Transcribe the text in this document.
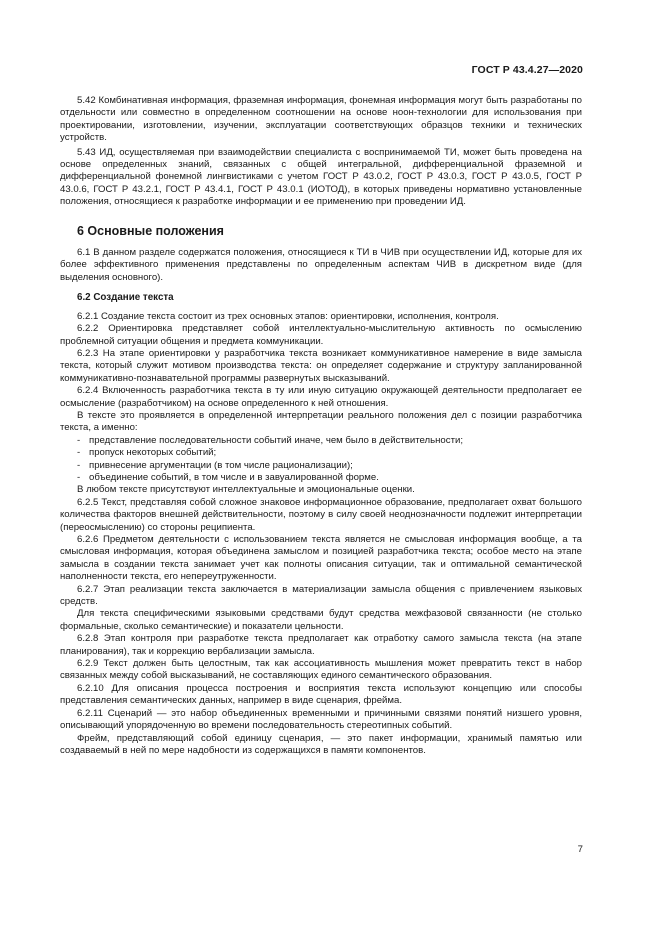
ГОСТ Р 43.4.27—2020

5.42 Комбинативная информация, фраземная информация, фонемная информация могут быть разработаны по отдельности или совместно в определенном соотношении на основе ноон-технологии для использования при проектировании, изготовлении, изучении, эксплуатации соответствующих образцов техники и технических устройств.

5.43 ИД, осуществляемая при взаимодействии специалиста с воспринимаемой ТИ, может быть проведена на основе определенных знаний, связанных с общей интегральной, дифференциальной фраземной и дифференциальной фонемной лингвистиками с учетом ГОСТ Р 43.0.2, ГОСТ Р 43.0.3, ГОСТ Р 43.0.5, ГОСТ Р 43.0.6, ГОСТ Р 43.2.1, ГОСТ Р 43.4.1, ГОСТ Р 43.0.1 (ИОТОД), в которых приведены нормативно установленные положения, относящиеся к разработке информации и ее применению при проведении ИД.

6 Основные положения

6.1 В данном разделе содержатся положения, относящиеся к ТИ в ЧИВ при осуществлении ИД, которые для их более эффективного применения представлены по определенным аспектам ЧИВ в дискретном виде (для выделения основного).

6.2 Создание текста

6.2.1 Создание текста состоит из трех основных этапов: ориентировки, исполнения, контроля.

6.2.2 Ориентировка представляет собой интеллектуально-мыслительную активность по осмыслению проблемной ситуации общения и предмета коммуникации.

6.2.3 На этапе ориентировки у разработчика текста возникает коммуникативное намерение в виде замысла текста, который служит мотивом производства текста: он определяет содержание и структуру запланированной коммуникативно-познавательной программы развернутых высказываний.

6.2.4 Включенность разработчика текста в ту или иную ситуацию окружающей деятельности предполагает ее осмысление (разработчиком) на основе определенного к ней отношения.

В тексте это проявляется в определенной интерпретации реального положения дел с позиции разработчика текста, а именно:

- представление последовательности событий иначе, чем было в действительности;
- пропуск некоторых событий;
- привнесение аргументации (в том числе рационализации);
- объединение событий, в том числе и в завуалированной форме.

В любом тексте присутствуют интеллектуальные и эмоциональные оценки.

6.2.5 Текст, представляя собой сложное знаковое информационное образование, предполагает охват большого количества факторов внешней действительности, поэтому в силу своей неоднозначности подлежит интерпретации (переосмыслению) со стороны реципиента.

6.2.6 Предметом деятельности с использованием текста является не смысловая информация вообще, а та смысловая информация, которая объединена замыслом и позицией разработчика текста; особое место на этапе замысла в создании текста занимает учет как полноты описания ситуации, так и оптимальной семантической наполненности текста, его непереутруженности.

6.2.7 Этап реализации текста заключается в материализации замысла общения с привлечением языковых средств.

Для текста специфическими языковыми средствами будут средства межфазовой связанности (не столько формальные, сколько семантические) и показатели цельности.

6.2.8 Этап контроля при разработке текста предполагает как отработку самого замысла текста (на этапе планирования), так и коррекцию вербализации замысла.

6.2.9 Текст должен быть целостным, так как ассоциативность мышления может превратить текст в набор связанных между собой высказываний, не составляющих единого семантического образования.

6.2.10 Для описания процесса построения и восприятия текста используют концепцию или способы представления семантических данных, например в виде сценария, фрейма.

6.2.11 Сценарий — это набор объединенных временными и причинными связями понятий низшего уровня, описывающий упорядоченную во времени последовательность стереотипных событий.

Фрейм, представляющий собой единицу сценария, — это пакет информации, хранимый памятью или создаваемый в ней по мере надобности из содержащихся в памяти компонентов.

7
